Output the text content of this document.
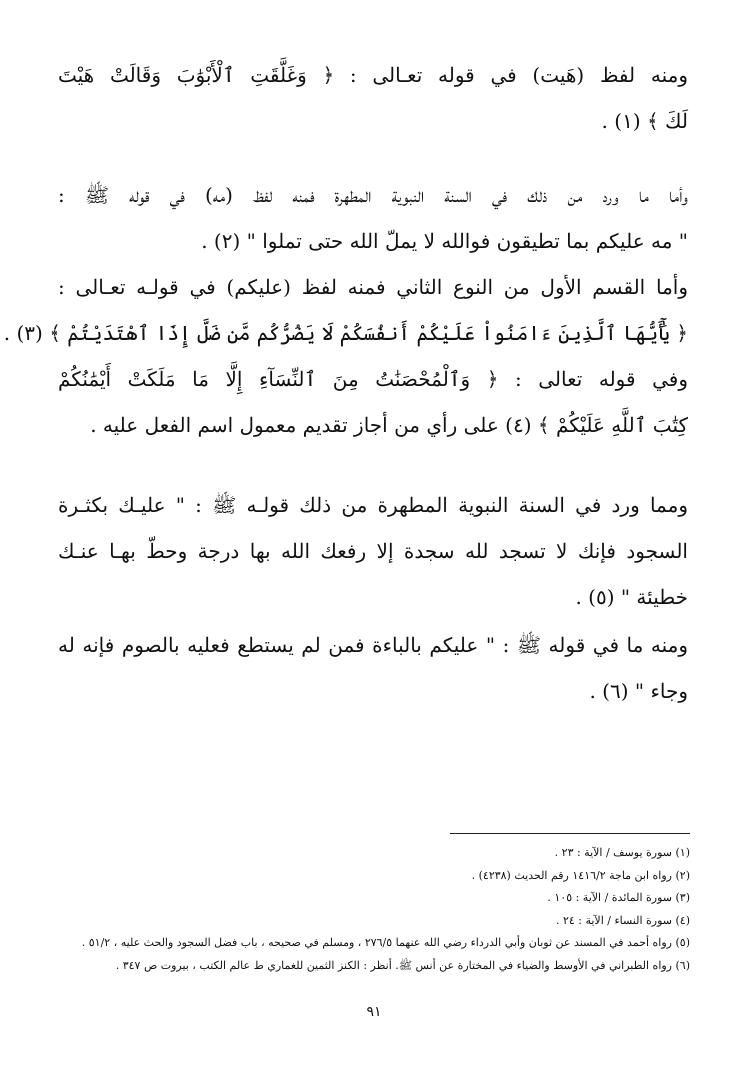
ومنه لفظ (هَيت) في قوله تعـالى : ﴿ وَغَلَّقَتِ ٱلْأَبْوَٰبَ وَقَالَتْ هَيْتَ
لَكَ ﴾ (١) .
وأما ما ورد من ذلك في السنة النبوية المطهرة فمنه لفظ (مه) في قوله ﷺ :
" مه عليكم بما تطيقون فوالله لا يملّ الله حتى تملوا " (٢) .
وأما القسم الأول من النوع الثاني فمنه لفظ (عليكم) في قولـه تعـالى :
﴿ يَٰٓأَيُّهَا ٱلَّذِينَ ءَامَنُواْ عَلَيْكُمْ أَنفُسَكُمْ لَا يَضُرُّكُم مَّن ضَلَّ إِذَا ٱهْتَدَيْتُمْ ﴾ (٣) .
وفي قوله تعالى : ﴿ وَٱلْمُحْصَنَٰتُ مِنَ ٱلنِّسَآءِ إِلَّا مَا مَلَكَتْ أَيْمَٰنُكُمْ
كِتَٰبَ ٱللَّهِ عَلَيْكُمْ ﴾ (٤) على رأي من أجاز تقديم معمول اسم الفعل عليه .
ومما ورد في السنة النبوية المطهرة من ذلك قولـه ﷺ : " عليـك بكثـرة
السجود فإنك لا تسجد لله سجدة إلا رفعك الله بها درجة وحطّ بهـا عنـك
خطيئة " (٥) .
ومنه ما في قوله ﷺ : " عليكم بالباءة فمن لم يستطع فعليه بالصوم فإنه له
وجاء " (٦) .
(١) سورة يوسف / الآية : ٢٣ .
(٢) رواه ابن ماجة ١٤١٦/٢ رقم الحديث (٤٢٣٨) .
(٣) سورة المائدة / الآية : ١٠٥ .
(٤) سورة النساء / الآية : ٢٤ .
(٥) رواه أحمد في المسند عن ثوبان وأبي الدرداء رضي الله عنهما ٢٧٦/٥ ، ومسلم في صحيحه ، باب فضل السجود والحث عليه ، ٥١/٢ .
(٦) رواه الطبراني في الأوسط والضياء في المختارة عن أنس ﷺ. أنظر : الكنز الثمين للغماري ط عالم الكتب ، بيروت ص ٣٤٧ .
٩١
